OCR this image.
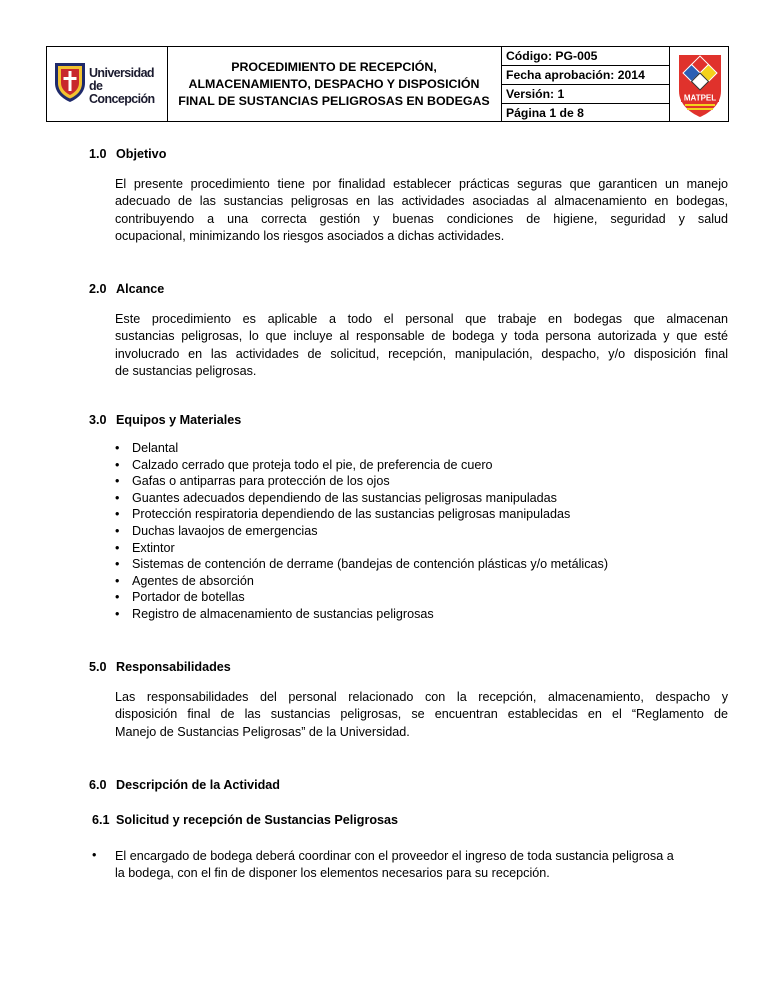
Universidad
de Concepción
PROCEDIMIENTO DE RECEPCIÓN,
ALMACENAMIENTO, DESPACHO Y DISPOSICIÓN
FINAL DE SUSTANCIAS PELIGROSAS EN BODEGAS
Código: PG-005
Fecha aprobación: 2014
Versión: 1
Página 1 de 8
MATPEL
1.0 Objetivo
El presente procedimiento tiene por finalidad establecer prácticas seguras que garanticen un manejo
adecuado de las sustancias peligrosas en las actividades asociadas al almacenamiento en bodegas,
contribuyendo a una correcta gestión y buenas condiciones de higiene, seguridad y salud
ocupacional, minimizando los riesgos asociados a dichas actividades.
2.0 Alcance
Este procedimiento es aplicable a todo el personal que trabaje en bodegas que almacenan
sustancias peligrosas, lo que incluye al responsable de bodega y toda persona autorizada y que esté
involucrado en las actividades de solicitud, recepción, manipulación, despacho, y/o disposición final
de sustancias peligrosas.
3.0 Equipos y Materiales
• Delantal
• Calzado cerrado que proteja todo el pie, de preferencia de cuero
• Gafas o antiparras para protección de los ojos
• Guantes adecuados dependiendo de las sustancias peligrosas manipuladas
• Protección respiratoria dependiendo de las sustancias peligrosas manipuladas
• Duchas lavaojos de emergencias
• Extintor
• Sistemas de contención de derrame (bandejas de contención plásticas y/o metálicas)
• Agentes de absorción
• Portador de botellas
• Registro de almacenamiento de sustancias peligrosas
5.0 Responsabilidades
Las responsabilidades del personal relacionado con la recepción, almacenamiento, despacho y
disposición final de las sustancias peligrosas, se encuentran establecidas en el “Reglamento de
Manejo de Sustancias Peligrosas” de la Universidad.
6.0 Descripción de la Actividad
6.1 Solicitud y recepción de Sustancias Peligrosas
• El encargado de bodega deberá coordinar con el proveedor el ingreso de toda sustancia peligrosa a
la bodega, con el fin de disponer los elementos necesarios para su recepción.
